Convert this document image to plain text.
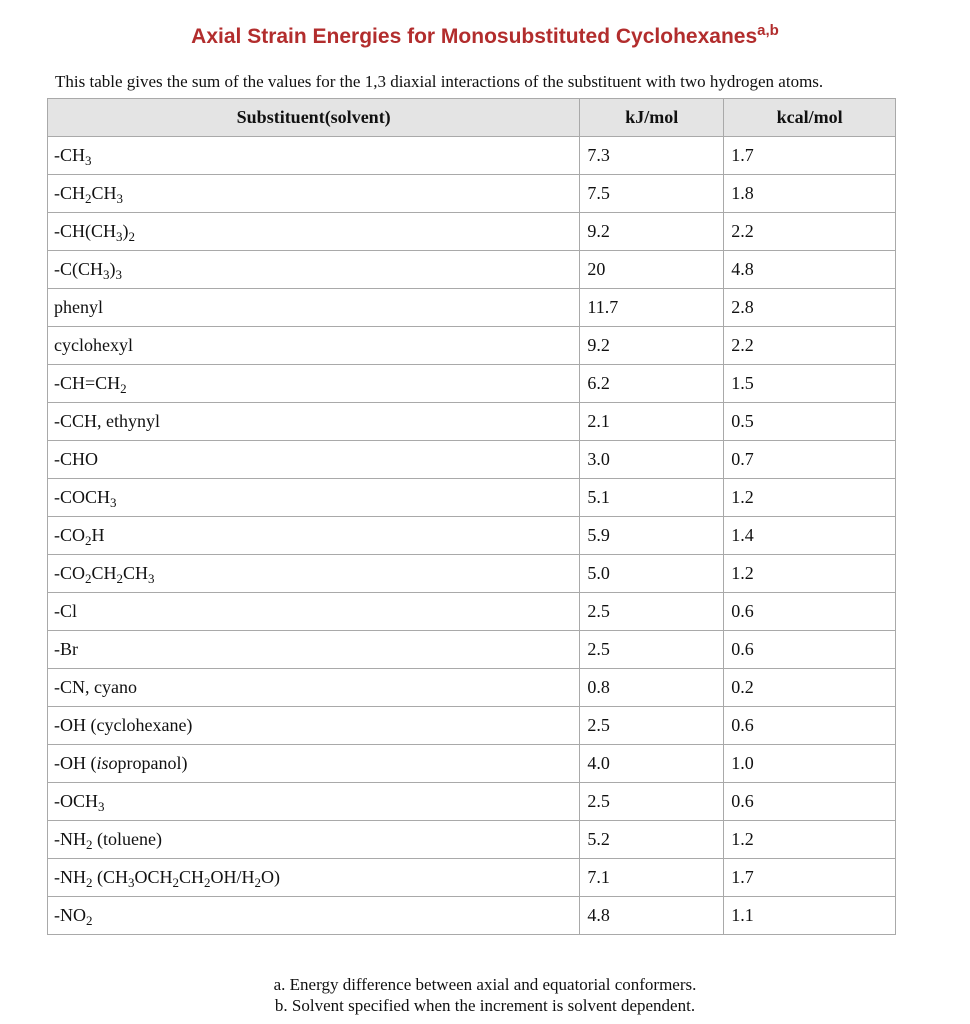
Axial Strain Energies for Monosubstituted Cyclohexanes$^{a,b}$
This table gives the sum of the values for the 1,3 diaxial interactions of the substituent with two hydrogen atoms.
Substituent(solvent)	kJ/mol	kcal/mol
$-CH_3$	7.3	1.7
$-CH_2CH_3$	7.5	1.8
$-CH(CH_3)_2$	9.2	2.2
$-C(CH_3)_3$	20	4.8
phenyl	11.7	2.8
cyclohexyl	9.2	2.2
$-CH=CH_2$	6.2	1.5
-CCH, ethynyl	2.1	0.5
-CHO	3.0	0.7
$-COCH_3$	5.1	1.2
$-CO_2H$	5.9	1.4
$-CO_2CH_2CH_3$	5.0	1.2
-Cl	2.5	0.6
-Br	2.5	0.6
-CN, cyano	0.8	0.2
-OH (cyclohexane)	2.5	0.6
-OH (isopropanol)	4.0	1.0
$-OCH_3$	2.5	0.6
$-NH_2$ (toluene)	5.2	1.2
$-NH_2$ $(CH_3OCH_2CH_2OH/H_2O)$	7.1	1.7
$-NO_2$	4.8	1.1
a. Energy difference between axial and equatorial conformers.
b. Solvent specified when the increment is solvent dependent.
